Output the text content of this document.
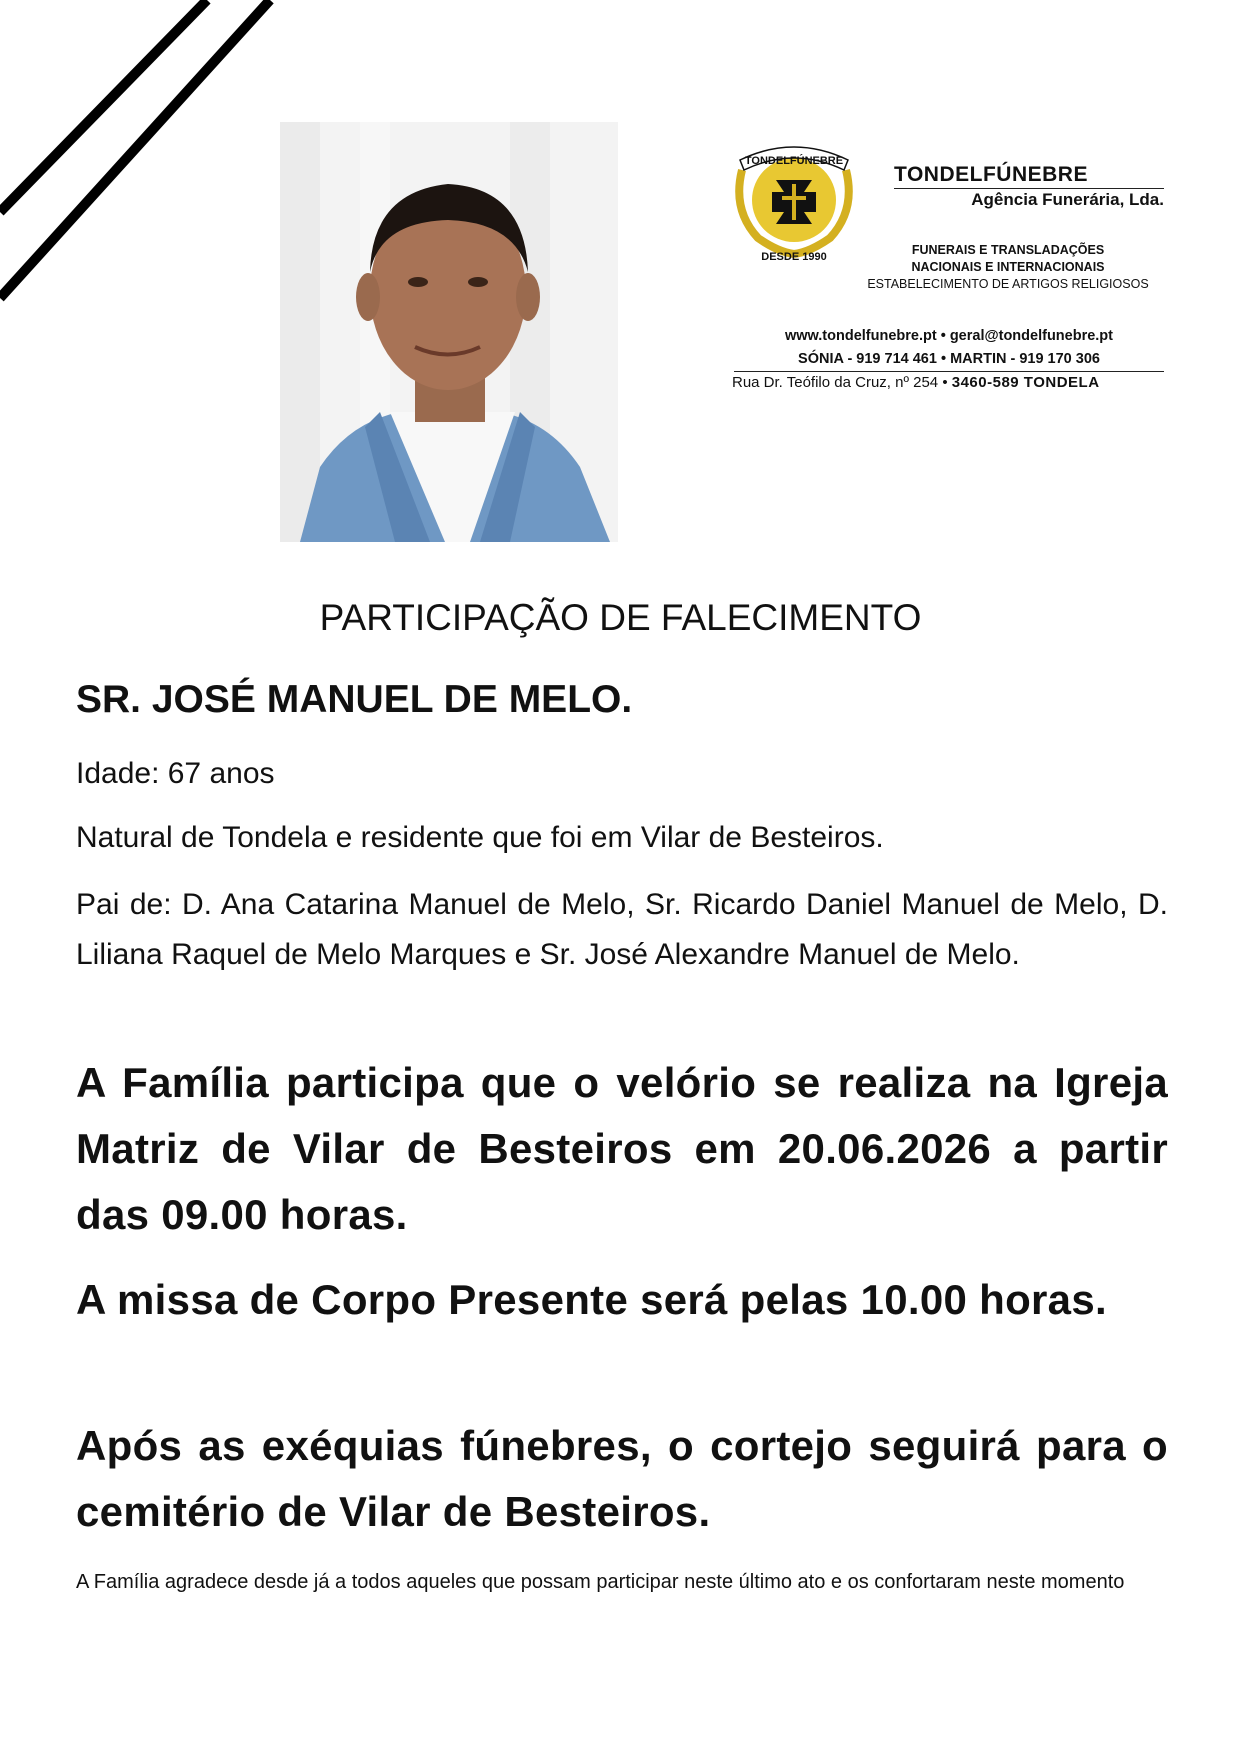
TONDELFÚNEBRE
DESDE 1990
TONDELFÚNEBRE
Agência Funerária, Lda.
FUNERAIS E TRANSLADAÇÕES
NACIONAIS E INTERNACIONAIS
ESTABELECIMENTO DE ARTIGOS RELIGIOSOS
www.tondelfunebre.pt • geral@tondelfunebre.pt
SÓNIA - 919 714 461 • MARTIN - 919 170 306
Rua Dr. Teófilo da Cruz, nº 254 • 3460-589 TONDELA
PARTICIPAÇÃO DE FALECIMENTO
SR. JOSÉ MANUEL DE MELO.
Idade: 67 anos
Natural de Tondela e residente que foi em Vilar de Besteiros.
Pai de: D. Ana Catarina Manuel de Melo, Sr. Ricardo Daniel Manuel de Melo, D. Liliana Raquel de Melo Marques e Sr. José Alexandre Manuel de Melo.
A Família participa que o velório se realiza na Igreja Matriz de Vilar de Besteiros em 20.06.2026 a partir das 09.00 horas.
A missa de Corpo Presente será pelas 10.00 horas.
Após as exéquias fúnebres, o cortejo seguirá para o cemitério de Vilar de Besteiros.
A Família agradece desde já a todos aqueles que possam participar neste último ato e os confortaram neste momento
